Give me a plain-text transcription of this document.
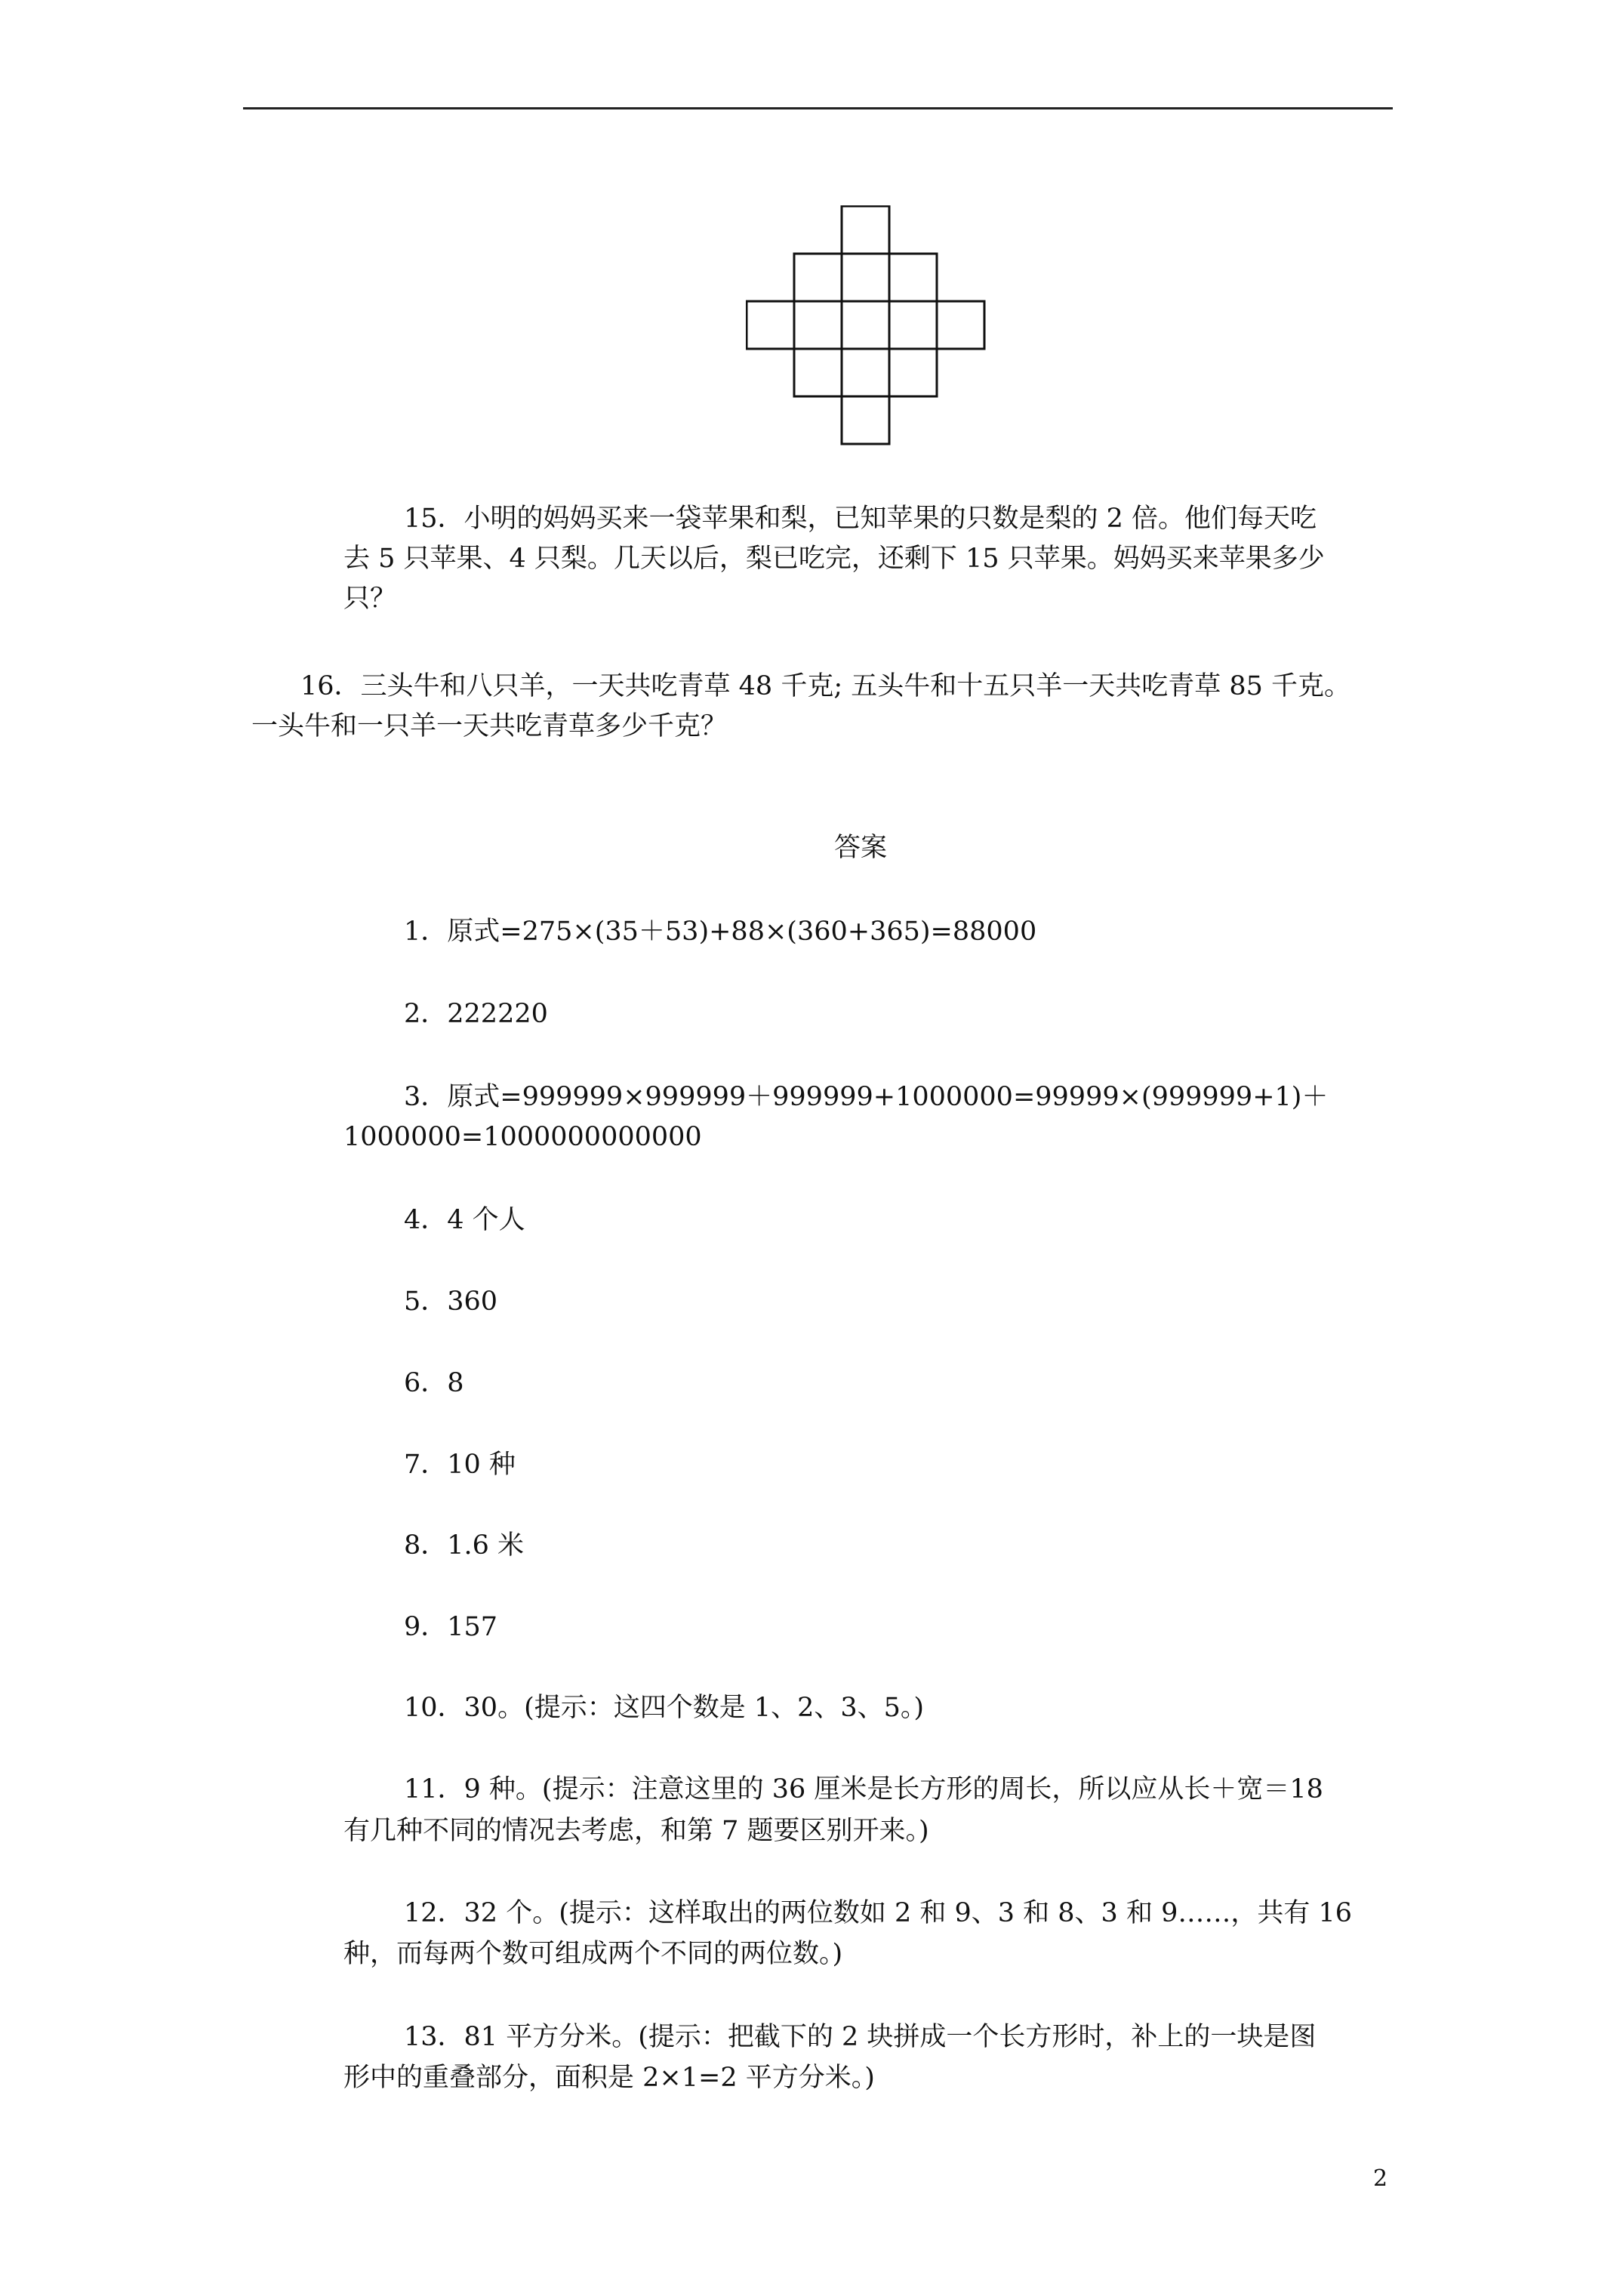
15．小明的妈妈买来一袋苹果和梨，已知苹果的只数是梨的 2 倍。他们每天吃

去 5 只苹果、4 只梨。几天以后，梨已吃完，还剩下 15 只苹果。妈妈买来苹果多少

只？

16．三头牛和八只羊，一天共吃青草 48 千克; 五头牛和十五只羊一天共吃青草 85 千克。

一头牛和一只羊一天共吃青草多少千克？

答案

1．原式=275×(35＋53)+88×(360+365)=88000

2．222220

3．原式=999999×999999＋999999+1000000=99999×(999999+1)＋

1000000=1000000000000

4．4 个人

5．360

6．8

7．10 种

8．1.6 米

9．157

10．30。(提示：这四个数是 1、2、3、5。)

11．9 种。(提示：注意这里的 36 厘米是长方形的周长，所以应从长＋宽＝18

有几种不同的情况去考虑，和第 7 题要区别开来。)

12．32 个。(提示：这样取出的两位数如 2 和 9、3 和 8、3 和 9……，共有 16

种，而每两个数可组成两个不同的两位数。)

13．81 平方分米。(提示：把截下的 2 块拼成一个长方形时，补上的一块是图

形中的重叠部分，面积是 2×1=2 平方分米。)

2
